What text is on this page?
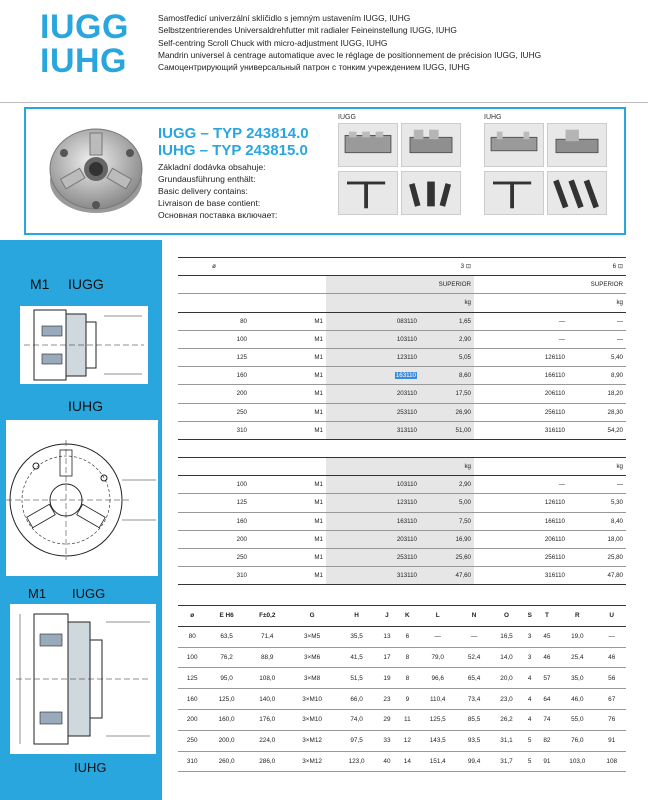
IUGG
IUHG
Samostředicí univerzální sklíčidlo s jemným ustavením IUGG, IUHG
Selbstzentrierendes Universaldrehfutter mit radialer Feineinstellung IUGG, IUHG
Self-centring Scroll Chuck with micro-adjustment IUGG, IUHG
Mandrin universel à centrage automatique avec le réglage de positionnement de précision IUGG, IUHG
Самоцентрирующий универсальный патрон с тонким учреждением IUGG, IUHG
IUGG – TYP 243814.0
IUHG – TYP 243815.0
Základní dodávka obsahuje:
Grundausführung enthält:
Basic delivery contains:
Livraison de base contient:
Основная поставка включает:
IUGG	IUHG
M1 IUGG
IUHG
M1 IUGG
IUHG
ø		3 ⊡		6 ⊡	
			SUPERIOR		SUPERIOR
			kg		kg
80	M1	083110	1,65	—	—
100	M1	103110	2,90	—	—
125	M1	123110	5,05	126110	5,40
160	M1	163110	8,60	166110	8,90
200	M1	203110	17,50	206110	18,20
250	M1	253110	26,90	256110	28,30
310	M1	313110	51,00	316110	54,20
			kg		kg
100	M1	103110	2,90	—	—
125	M1	123110	5,00	126110	5,30
160	M1	163110	7,50	166110	8,40
200	M1	203110	16,90	206110	18,00
250	M1	253110	25,60	256110	25,80
310	M1	313110	47,60	316110	47,80
ø	E H6	F±0,2	G	H	J	K	L	N	O	S	T	R	U
80	63,5	71,4	3×M5	35,5	13	6	—	—	16,5	3	45	19,0	—
100	76,2	88,9	3×M6	41,5	17	8	79,0	52,4	14,0	3	46	25,4	46
125	95,0	108,0	3×M8	51,5	19	8	96,6	65,4	20,0	4	57	35,0	56
160	125,0	140,0	3×M10	66,0	23	9	110,4	73,4	23,0	4	64	46,0	67
200	160,0	176,0	3×M10	74,0	29	11	125,5	85,5	26,2	4	74	55,0	76
250	200,0	224,0	3×M12	97,5	33	12	143,5	93,5	31,1	5	82	76,0	91
310	260,0	286,0	3×M12	123,0	40	14	151,4	99,4	31,7	5	91	103,0	108
